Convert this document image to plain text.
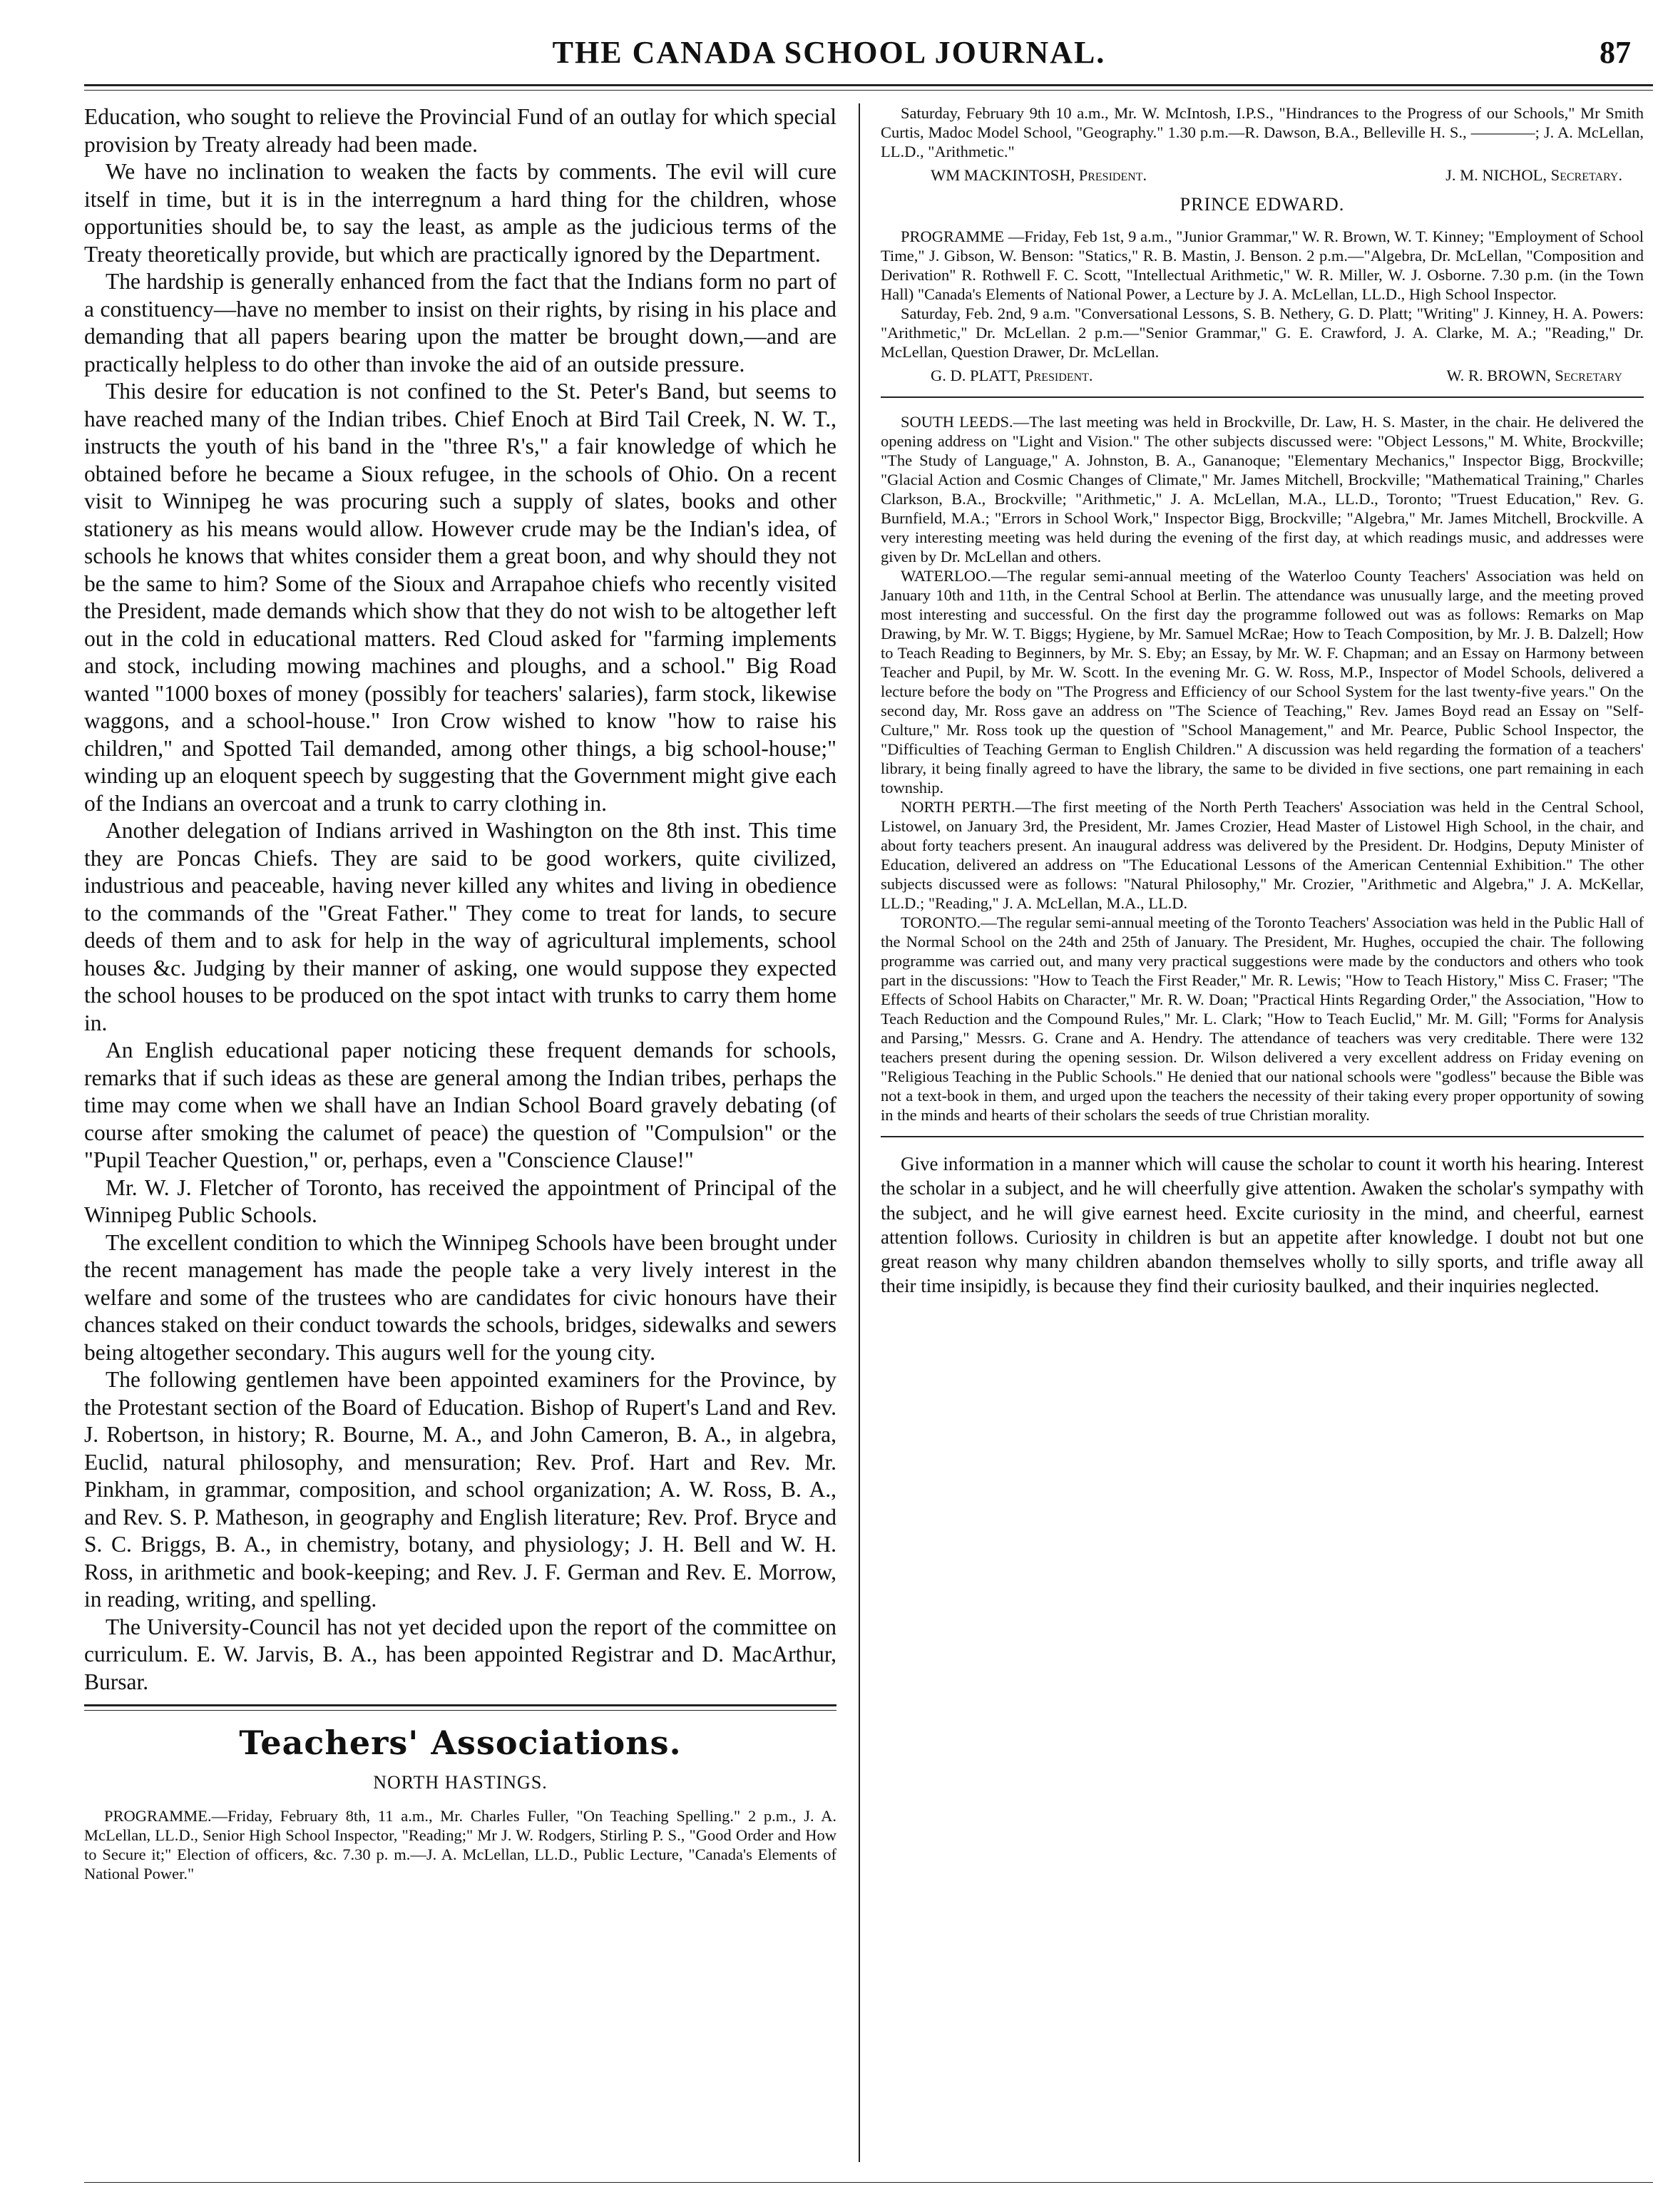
THE CANADA SCHOOL JOURNAL.	87

Education, who sought to relieve the Provincial Fund of an outlay for which special provision by Treaty already had been made.

We have no inclination to weaken the facts by comments. The evil will cure itself in time, but it is in the interregnum a hard thing for the children, whose opportunities should be, to say the least, as ample as the judicious terms of the Treaty theoretically provide, but which are practically ignored by the Department.

The hardship is generally enhanced from the fact that the Indians form no part of a constituency—have no member to insist on their rights, by rising in his place and demanding that all papers bearing upon the matter be brought down,—and are practically helpless to do other than invoke the aid of an outside pressure.

This desire for education is not confined to the St. Peter's Band, but seems to have reached many of the Indian tribes. Chief Enoch at Bird Tail Creek, N. W. T., instructs the youth of his band in the "three R's," a fair knowledge of which he obtained before he became a Sioux refugee, in the schools of Ohio. On a recent visit to Winnipeg he was procuring such a supply of slates, books and other stationery as his means would allow. However crude may be the Indian's idea, of schools he knows that whites consider them a great boon, and why should they not be the same to him? Some of the Sioux and Arrapahoe chiefs who recently visited the President, made demands which show that they do not wish to be altogether left out in the cold in educational matters. Red Cloud asked for "farming implements and stock, including mowing machines and ploughs, and a school." Big Road wanted "1000 boxes of money (possibly for teachers' salaries), farm stock, likewise waggons, and a school-house." Iron Crow wished to know "how to raise his children," and Spotted Tail demanded, among other things, a big school-house;" winding up an eloquent speech by suggesting that the Government might give each of the Indians an overcoat and a trunk to carry clothing in.

Another delegation of Indians arrived in Washington on the 8th inst. This time they are Poncas Chiefs. They are said to be good workers, quite civilized, industrious and peaceable, having never killed any whites and living in obedience to the commands of the "Great Father." They come to treat for lands, to secure deeds of them and to ask for help in the way of agricultural implements, school houses &c. Judging by their manner of asking, one would suppose they expected the school houses to be produced on the spot intact with trunks to carry them home in.

An English educational paper noticing these frequent demands for schools, remarks that if such ideas as these are general among the Indian tribes, perhaps the time may come when we shall have an Indian School Board gravely debating (of course after smoking the calumet of peace) the question of "Compulsion" or the "Pupil Teacher Question," or, perhaps, even a "Conscience Clause!"

Mr. W. J. Fletcher of Toronto, has received the appointment of Principal of the Winnipeg Public Schools.

The excellent condition to which the Winnipeg Schools have been brought under the recent management has made the people take a very lively interest in the welfare and some of the trustees who are candidates for civic honours have their chances staked on their conduct towards the schools, bridges, sidewalks and sewers being altogether secondary. This augurs well for the young city.

The following gentlemen have been appointed examiners for the Province, by the Protestant section of the Board of Education. Bishop of Rupert's Land and Rev. J. Robertson, in history; R. Bourne, M. A., and John Cameron, B. A., in algebra, Euclid, natural philosophy, and mensuration; Rev. Prof. Hart and Rev. Mr. Pinkham, in grammar, composition, and school organization; A. W. Ross, B. A., and Rev. S. P. Matheson, in geography and English literature; Rev. Prof. Bryce and S. C. Briggs, B. A., in chemistry, botany, and physiology; J. H. Bell and W. H. Ross, in arithmetic and book-keeping; and Rev. J. F. German and Rev. E. Morrow, in reading, writing, and spelling.

The University-Council has not yet decided upon the report of the committee on curriculum. E. W. Jarvis, B. A., has been appointed Registrar and D. MacArthur, Bursar.

Teachers' Associations.
NORTH HASTINGS.

PROGRAMME.—Friday, February 8th, 11 a.m., Mr. Charles Fuller, "On Teaching Spelling." 2 p.m., J. A. McLellan, LL.D., Senior High School Inspector, "Reading;" Mr J. W. Rodgers, Stirling P. S., "Good Order and How to Secure it;" Election of officers, &c. 7.30 p. m.—J. A. McLellan, LL.D., Public Lecture, "Canada's Elements of National Power."

Saturday, February 9th 10 a.m., Mr. W. McIntosh, I.P.S., "Hindrances to the Progress of our Schools," Mr Smith Curtis, Madoc Model School, "Geography." 1.30 p.m.—R. Dawson, B.A., Belleville H. S., ————; J. A. McLellan, LL.D., "Arithmetic."

WM MACKINTOSH, President.	J. M. NICHOL, Secretary.
PRINCE EDWARD.

PROGRAMME —Friday, Feb 1st, 9 a.m., "Junior Grammar," W. R. Brown, W. T. Kinney; "Employment of School Time," J. Gibson, W. Benson: "Statics," R. B. Mastin, J. Benson. 2 p.m.—"Algebra, Dr. McLellan, "Composition and Derivation" R. Rothwell F. C. Scott, "Intellectual Arithmetic," W. R. Miller, W. J. Osborne. 7.30 p.m. (in the Town Hall) "Canada's Elements of National Power, a Lecture by J. A. McLellan, LL.D., High School Inspector.

Saturday, Feb. 2nd, 9 a.m. "Conversational Lessons, S. B. Nethery, G. D. Platt; "Writing" J. Kinney, H. A. Powers: "Arithmetic," Dr. McLellan. 2 p.m.—"Senior Grammar," G. E. Crawford, J. A. Clarke, M. A.; "Reading," Dr. McLellan, Question Drawer, Dr. McLellan.

G. D. PLATT, President.	W. R. BROWN, Secretary

SOUTH LEEDS.—The last meeting was held in Brockville, Dr. Law, H. S. Master, in the chair. He delivered the opening address on "Light and Vision." The other subjects discussed were: "Object Lessons," M. White, Brockville; "The Study of Language," A. Johnston, B. A., Gananoque; "Elementary Mechanics," Inspector Bigg, Brockville; "Glacial Action and Cosmic Changes of Climate," Mr. James Mitchell, Brockville; "Mathematical Training," Charles Clarkson, B.A., Brockville; "Arithmetic," J. A. McLellan, M.A., LL.D., Toronto; "Truest Education," Rev. G. Burnfield, M.A.; "Errors in School Work," Inspector Bigg, Brockville; "Algebra," Mr. James Mitchell, Brockville. A very interesting meeting was held during the evening of the first day, at which readings music, and addresses were given by Dr. McLellan and others.

WATERLOO.—The regular semi-annual meeting of the Waterloo County Teachers' Association was held on January 10th and 11th, in the Central School at Berlin. The attendance was unusually large, and the meeting proved most interesting and successful. On the first day the programme followed out was as follows: Remarks on Map Drawing, by Mr. W. T. Biggs; Hygiene, by Mr. Samuel McRae; How to Teach Composition, by Mr. J. B. Dalzell; How to Teach Reading to Beginners, by Mr. S. Eby; an Essay, by Mr. W. F. Chapman; and an Essay on Harmony between Teacher and Pupil, by Mr. W. Scott. In the evening Mr. G. W. Ross, M.P., Inspector of Model Schools, delivered a lecture before the body on "The Progress and Efficiency of our School System for the last twenty-five years." On the second day, Mr. Ross gave an address on "The Science of Teaching," Rev. James Boyd read an Essay on "Self-Culture," Mr. Ross took up the question of "School Management," and Mr. Pearce, Public School Inspector, the "Difficulties of Teaching German to English Children." A discussion was held regarding the formation of a teachers' library, it being finally agreed to have the library, the same to be divided in five sections, one part remaining in each township.

NORTH PERTH.—The first meeting of the North Perth Teachers' Association was held in the Central School, Listowel, on January 3rd, the President, Mr. James Crozier, Head Master of Listowel High School, in the chair, and about forty teachers present. An inaugural address was delivered by the President. Dr. Hodgins, Deputy Minister of Education, delivered an address on "The Educational Lessons of the American Centennial Exhibition." The other subjects discussed were as follows: "Natural Philosophy," Mr. Crozier, "Arithmetic and Algebra," J. A. McKellar, LL.D.; "Reading," J. A. McLellan, M.A., LL.D.

TORONTO.—The regular semi-annual meeting of the Toronto Teachers' Association was held in the Public Hall of the Normal School on the 24th and 25th of January. The President, Mr. Hughes, occupied the chair. The following programme was carried out, and many very practical suggestions were made by the conductors and others who took part in the discussions: "How to Teach the First Reader," Mr. R. Lewis; "How to Teach History," Miss C. Fraser; "The Effects of School Habits on Character," Mr. R. W. Doan; "Practical Hints Regarding Order," the Association, "How to Teach Reduction and the Compound Rules," Mr. L. Clark; "How to Teach Euclid," Mr. M. Gill; "Forms for Analysis and Parsing," Messrs. G. Crane and A. Hendry. The attendance of teachers was very creditable. There were 132 teachers present during the opening session. Dr. Wilson delivered a very excellent address on Friday evening on "Religious Teaching in the Public Schools." He denied that our national schools were "godless" because the Bible was not a text-book in them, and urged upon the teachers the necessity of their taking every proper opportunity of sowing in the minds and hearts of their scholars the seeds of true Christian morality.

Give information in a manner which will cause the scholar to count it worth his hearing. Interest the scholar in a subject, and he will cheerfully give attention. Awaken the scholar's sympathy with the subject, and he will give earnest heed. Excite curiosity in the mind, and cheerful, earnest attention follows. Curiosity in children is but an appetite after knowledge. I doubt not but one great reason why many children abandon themselves wholly to silly sports, and trifle away all their time insipidly, is because they find their curiosity baulked, and their inquiries neglected.
